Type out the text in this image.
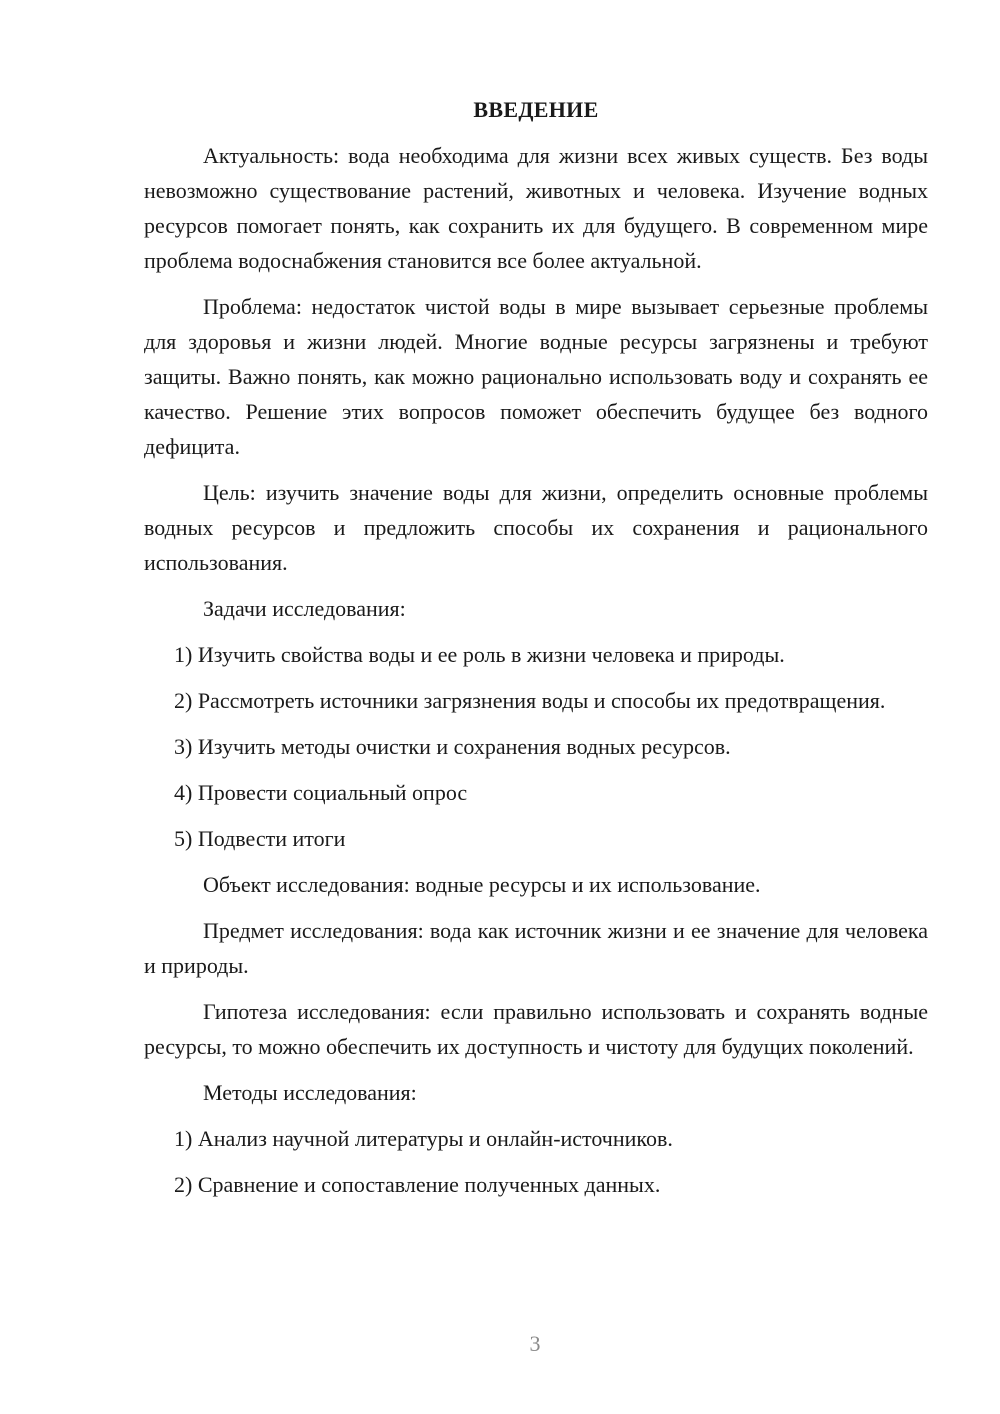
ВВЕДЕНИЕ

Актуальность: вода необходима для жизни всех живых существ. Без воды невозможно существование растений, животных и человека. Изучение водных ресурсов помогает понять, как сохранить их для будущего. В современном мире проблема водоснабжения становится все более актуальной.

Проблема: недостаток чистой воды в мире вызывает серьезные проблемы для здоровья и жизни людей. Многие водные ресурсы загрязнены и требуют защиты. Важно понять, как можно рационально использовать воду и сохранять ее качество. Решение этих вопросов поможет обеспечить будущее без водного дефицита.

Цель: изучить значение воды для жизни, определить основные проблемы водных ресурсов и предложить способы их сохранения и рационального использования.

Задачи исследования:

1) Изучить свойства воды и ее роль в жизни человека и природы.

2) Рассмотреть источники загрязнения воды и способы их предотвращения.

3) Изучить методы очистки и сохранения водных ресурсов.

4) Провести социальный опрос

5) Подвести итоги

Объект исследования: водные ресурсы и их использование.

Предмет исследования: вода как источник жизни и ее значение для человека и природы.

Гипотеза исследования: если правильно использовать и сохранять водные ресурсы, то можно обеспечить их доступность и чистоту для будущих поколений.

Методы исследования:

1) Анализ научной литературы и онлайн-источников.

2) Сравнение и сопоставление полученных данных.

3
